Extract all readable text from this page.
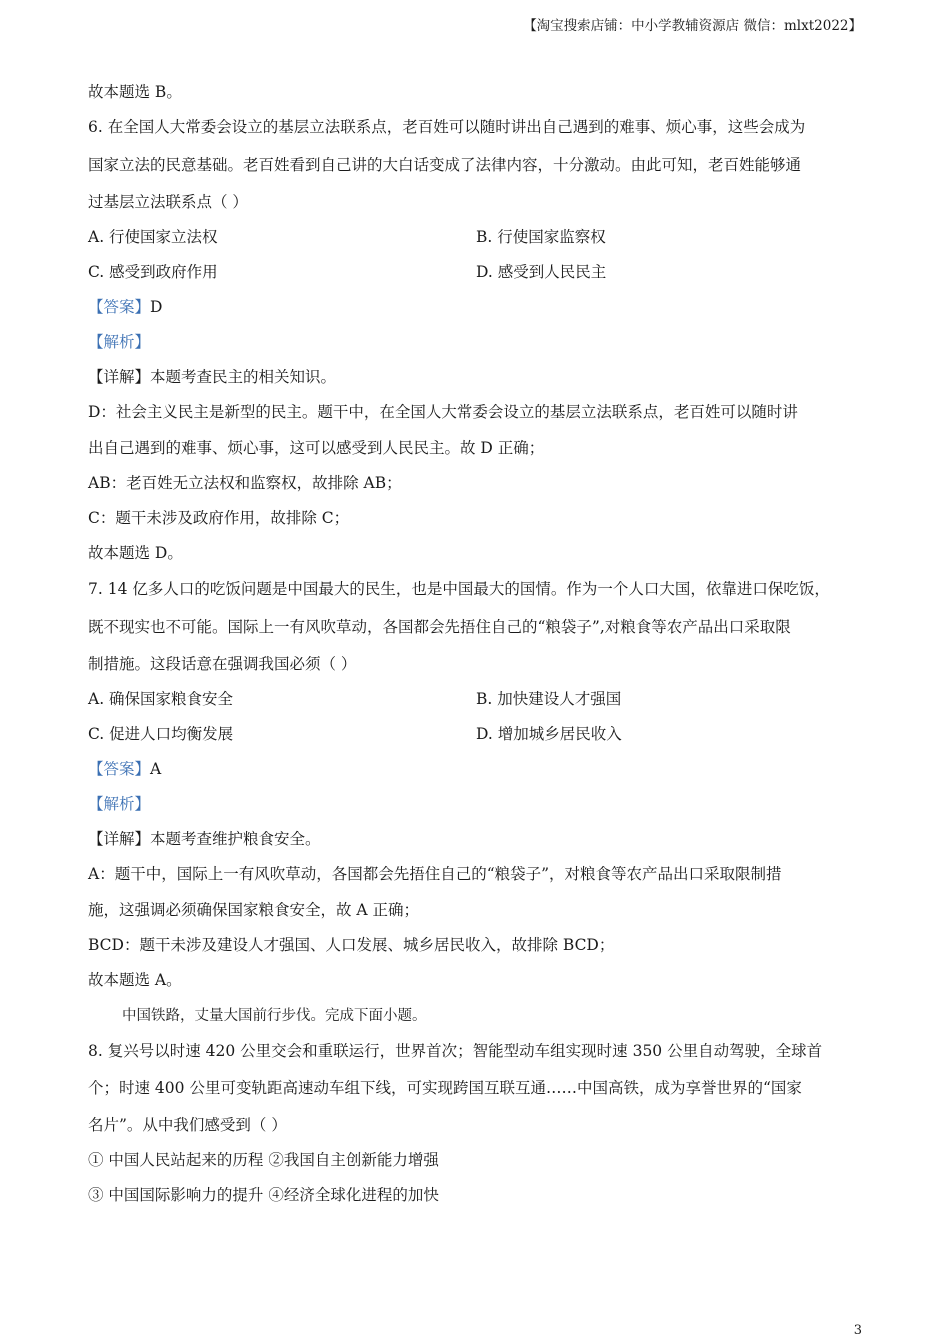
【淘宝搜索店铺：中小学教辅资源店 微信：mlxt2022】
故本题选 B。
6. 在全国人大常委会设立的基层立法联系点，老百姓可以随时讲出自己遇到的难事、烦心事，这些会成为
国家立法的民意基础。老百姓看到自己讲的大白话变成了法律内容，十分激动。由此可知，老百姓能够通
过基层立法联系点（ ）
A. 行使国家立法权	B. 行使国家监察权
C. 感受到政府作用	D. 感受到人民民主
【答案】D
【解析】
【详解】本题考查民主的相关知识。
D：社会主义民主是新型的民主。题干中，在全国人大常委会设立的基层立法联系点，老百姓可以随时讲
出自己遇到的难事、烦心事，这可以感受到人民民主。故 D 正确；
AB：老百姓无立法权和监察权，故排除 AB；
C：题干未涉及政府作用，故排除 C；
故本题选 D。
7. 14 亿多人口的吃饭问题是中国最大的民生，也是中国最大的国情。作为一个人口大国，依靠进口保吃饭，
既不现实也不可能。国际上一有风吹草动，各国都会先捂住自己的“粮袋子”,对粮食等农产品出口采取限
制措施。这段话意在强调我国必须（ ）
A. 确保国家粮食安全	B. 加快建设人才强国
C. 促进人口均衡发展	D. 增加城乡居民收入
【答案】A
【解析】
【详解】本题考查维护粮食安全。
A：题干中，国际上一有风吹草动，各国都会先捂住自己的“粮袋子”，对粮食等农产品出口采取限制措
施，这强调必须确保国家粮食安全，故 A 正确；
BCD：题干未涉及建设人才强国、人口发展、城乡居民收入，故排除 BCD；
故本题选 A。
中国铁路，丈量大国前行步伐。完成下面小题。
8. 复兴号以时速 420 公里交会和重联运行，世界首次；智能型动车组实现时速 350 公里自动驾驶，全球首
个；时速 400 公里可变轨距高速动车组下线，可实现跨国互联互通……中国高铁，成为享誉世界的“国家
名片”。从中我们感受到（ ）
① 中国人民站起来的历程 ②我国自主创新能力增强
③ 中国国际影响力的提升 ④经济全球化进程的加快
3
